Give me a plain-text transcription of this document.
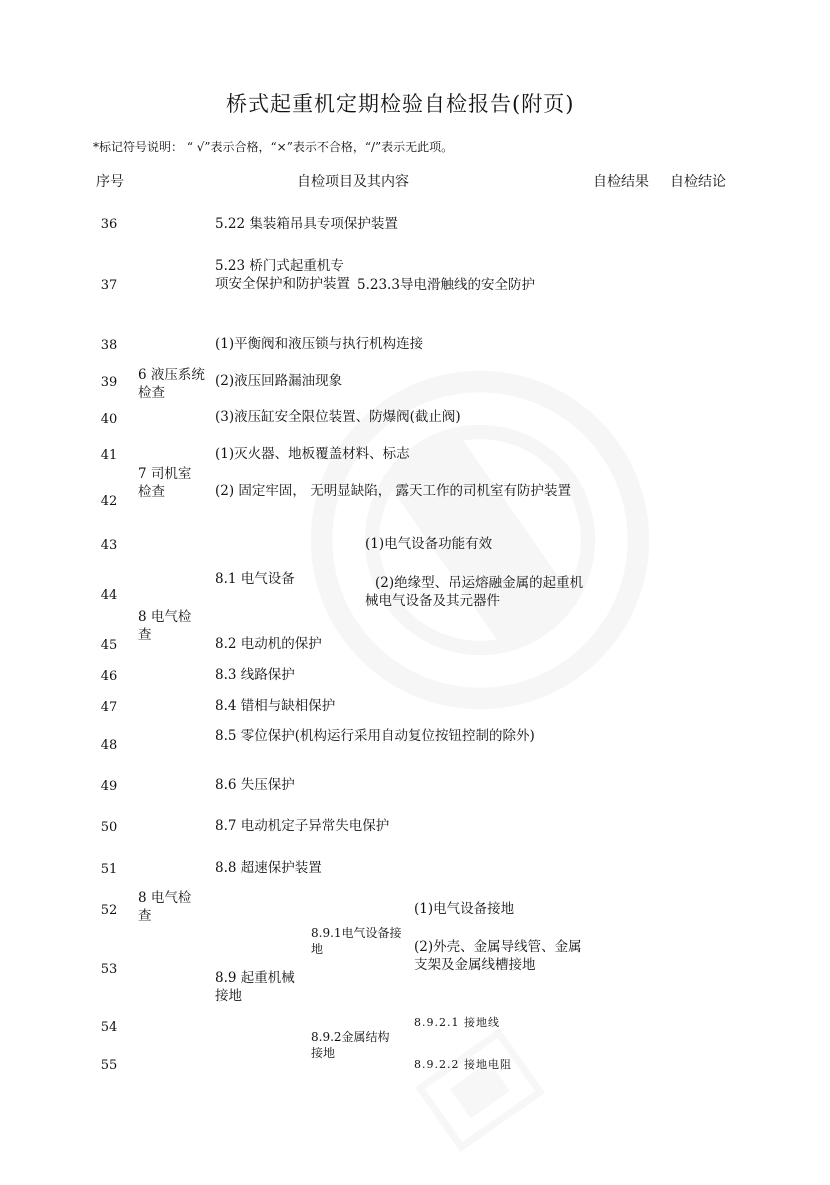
桥式起重机定期检验自检报告(附页)
*标记符号说明： “ √”表示合格，“×”表示不合格，“/”表示无此项。
序号	自检项目及其内容	自检结果 自检结论
36
37
38
39
40
41
42
43
44
45
46
47
48
49
50
51
52
53
54
55
6 液压系统检查
7 司机室检查
8 电气检查
8 电气检查
5.22 集装箱吊具专项保护装置
5.23 桥门式起重机专项安全保护和防护装置 5.23.3导电滑触线的安全防护
(1)平衡阀和液压锁与执行机构连接
(2)液压回路漏油现象
(3)液压缸安全限位装置、防爆阀(截止阀)
(1)灭火器、地板覆盖材料、标志
(2) 固定牢固， 无明显缺陷， 露天工作的司机室有防护装置
8.1 电气设备
(1)电气设备功能有效
(2)绝缘型、吊运熔融金属的起重机械电气设备及其元器件
8.2 电动机的保护
8.3 线路保护
8.4 错相与缺相保护
8.5 零位保护(机构运行采用自动复位按钮控制的除外)
8.6 失压保护
8.7 电动机定子异常失电保护
8.8 超速保护装置
8.9 起重机械接地
8.9.1电气设备接地
8.9.2金属结构接地
(1)电气设备接地
(2)外壳、金属导线管、金属支架及金属线槽接地
8.9.2.1 接地线
8.9.2.2 接地电阻
